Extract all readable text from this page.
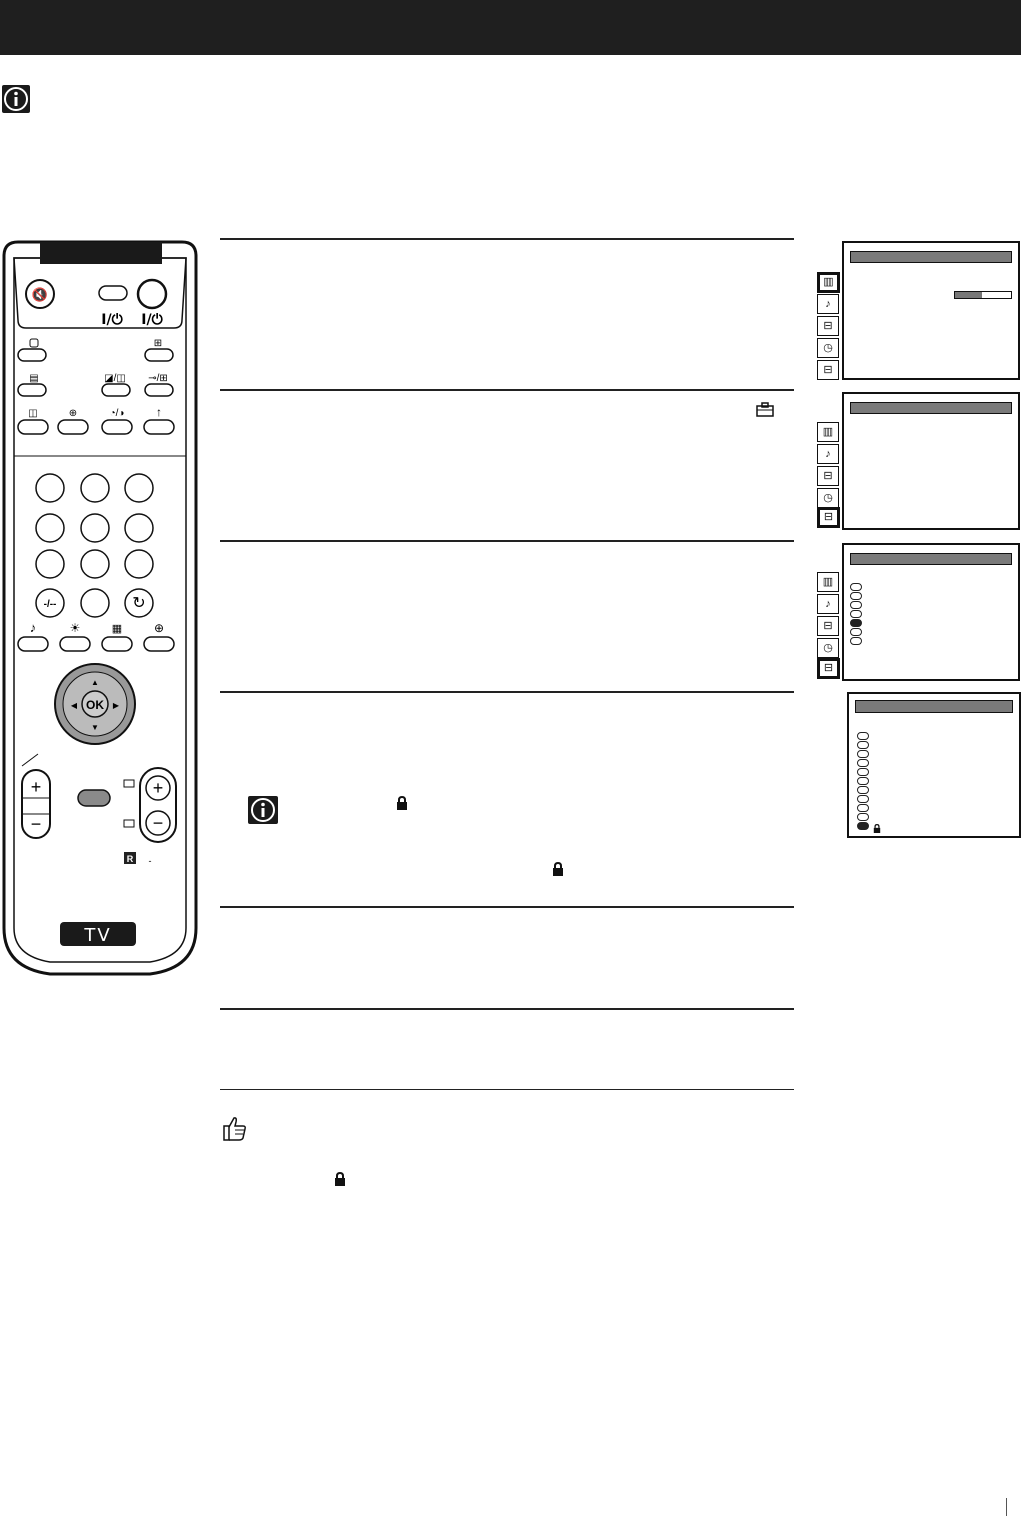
🔇
I/⏻ I/⏻
⊞
▤	◪/◫ ⊸/⊞
◫	⊕	◔/◑	↑
-/--	↻
♪	☀	▦	⊕
OK
▲
▼
◀	▶
+
−
+
−
R -
TV
▥
♪
⊟
◷
⊟
▥
♪
⊟
◷
⊟
▥
♪
⊟
◷
⊟
